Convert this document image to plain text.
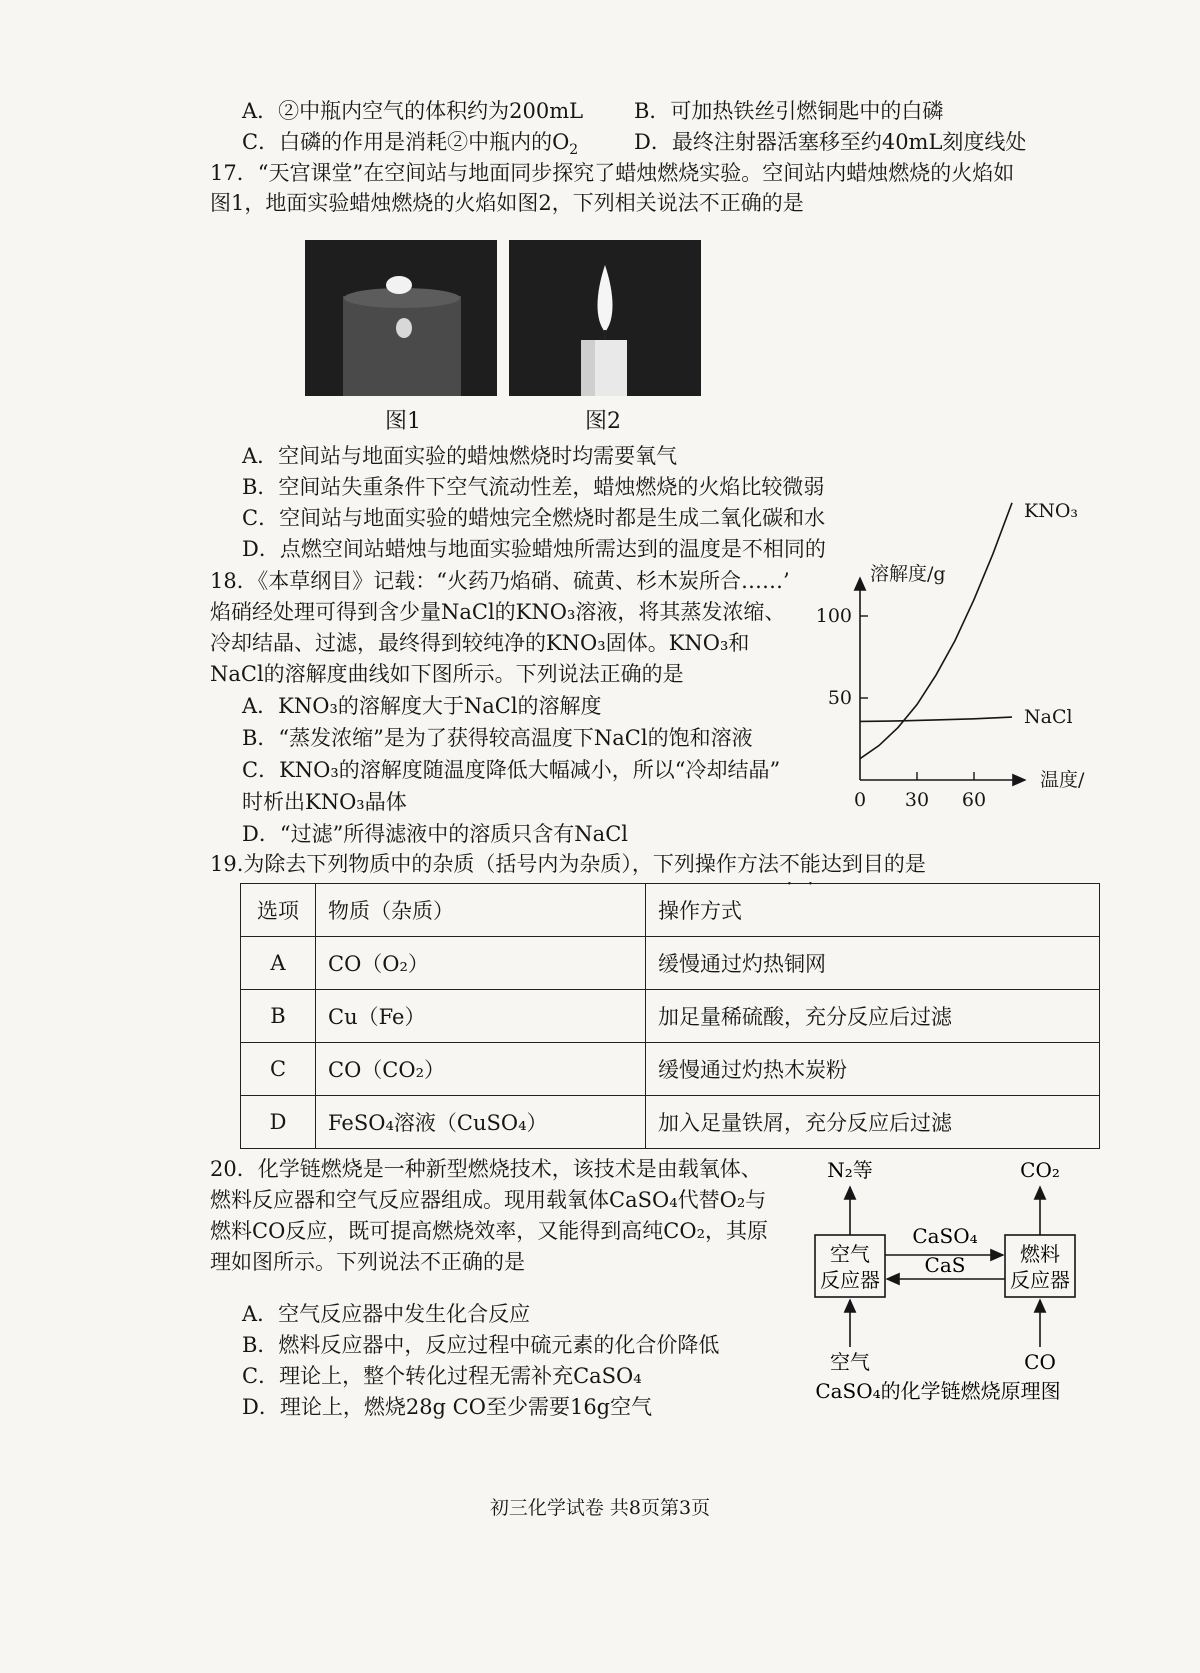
A．②中瓶内空气的体积约为200mL B．可加热铁丝引燃铜匙中的白磷
C．白磷的作用是消耗②中瓶内的$O_2$	D．最终注射器活塞移至约40mL刻度线处
17．“天宫课堂”在空间站与地面同步探究了蜡烛燃烧实验。空间站内蜡烛燃烧的火焰如
图1，地面实验蜡烛燃烧的火焰如图2，下列相关说法不正确的是
图1	图2
A．空间站与地面实验的蜡烛燃烧时均需要氧气
B．空间站失重条件下空气流动性差，蜡烛燃烧的火焰比较微弱
C．空间站与地面实验的蜡烛完全燃烧时都是生成二氧化碳和水
D．点燃空间站蜡烛与地面实验蜡烛所需达到的温度是不相同的
18．《本草纲目》记载：“火药乃焰硝、硫黄、杉木炭所合……’
焰硝经处理可得到含少量NaCl的KNO₃溶液，将其蒸发浓缩、
冷却结晶、过滤，最终得到较纯净的KNO₃固体。KNO₃和
NaCl的溶解度曲线如下图所示。下列说法正确的是
A．KNO₃的溶解度大于NaCl的溶解度
B．“蒸发浓缩”是为了获得较高温度下NaCl的饱和溶液
C．KNO₃的溶解度随温度降低大幅减小，所以“冷却结晶”
时析出KNO₃晶体
D．“过滤”所得滤液中的溶质只含有NaCl
溶解度/g
温度/
50
100
0 30 60
KNO₃
NaCl
19.为除去下列物质中的杂质（括号内为杂质），下列操作方法不能达到目的是
选项	物质（杂质）	操作方式
A	CO（O₂）	缓慢通过灼热铜网
B	Cu（Fe）	加足量稀硫酸，充分反应后过滤
C	CO（CO₂）	缓慢通过灼热木炭粉
D	FeSO₄溶液（CuSO₄）	加入足量铁屑，充分反应后过滤
20．化学链燃烧是一种新型燃烧技术，该技术是由载氧体、
燃料反应器和空气反应器组成。现用载氧体CaSO₄代替O₂与
燃料CO反应，既可提高燃烧效率，又能得到高纯CO₂，其原
理如图所示。下列说法不正确的是
A．空气反应器中发生化合反应
B．燃料反应器中，反应过程中硫元素的化合价降低
C．理论上，整个转化过程无需补充CaSO₄
D．理论上，燃烧28g CO至少需要16g空气
空气
反应器
燃料
反应器
CaSO₄
CaS
N₂等	CO₂
空气	CO
CaSO₄的化学链燃烧原理图
初三化学试卷 共8页第3页
